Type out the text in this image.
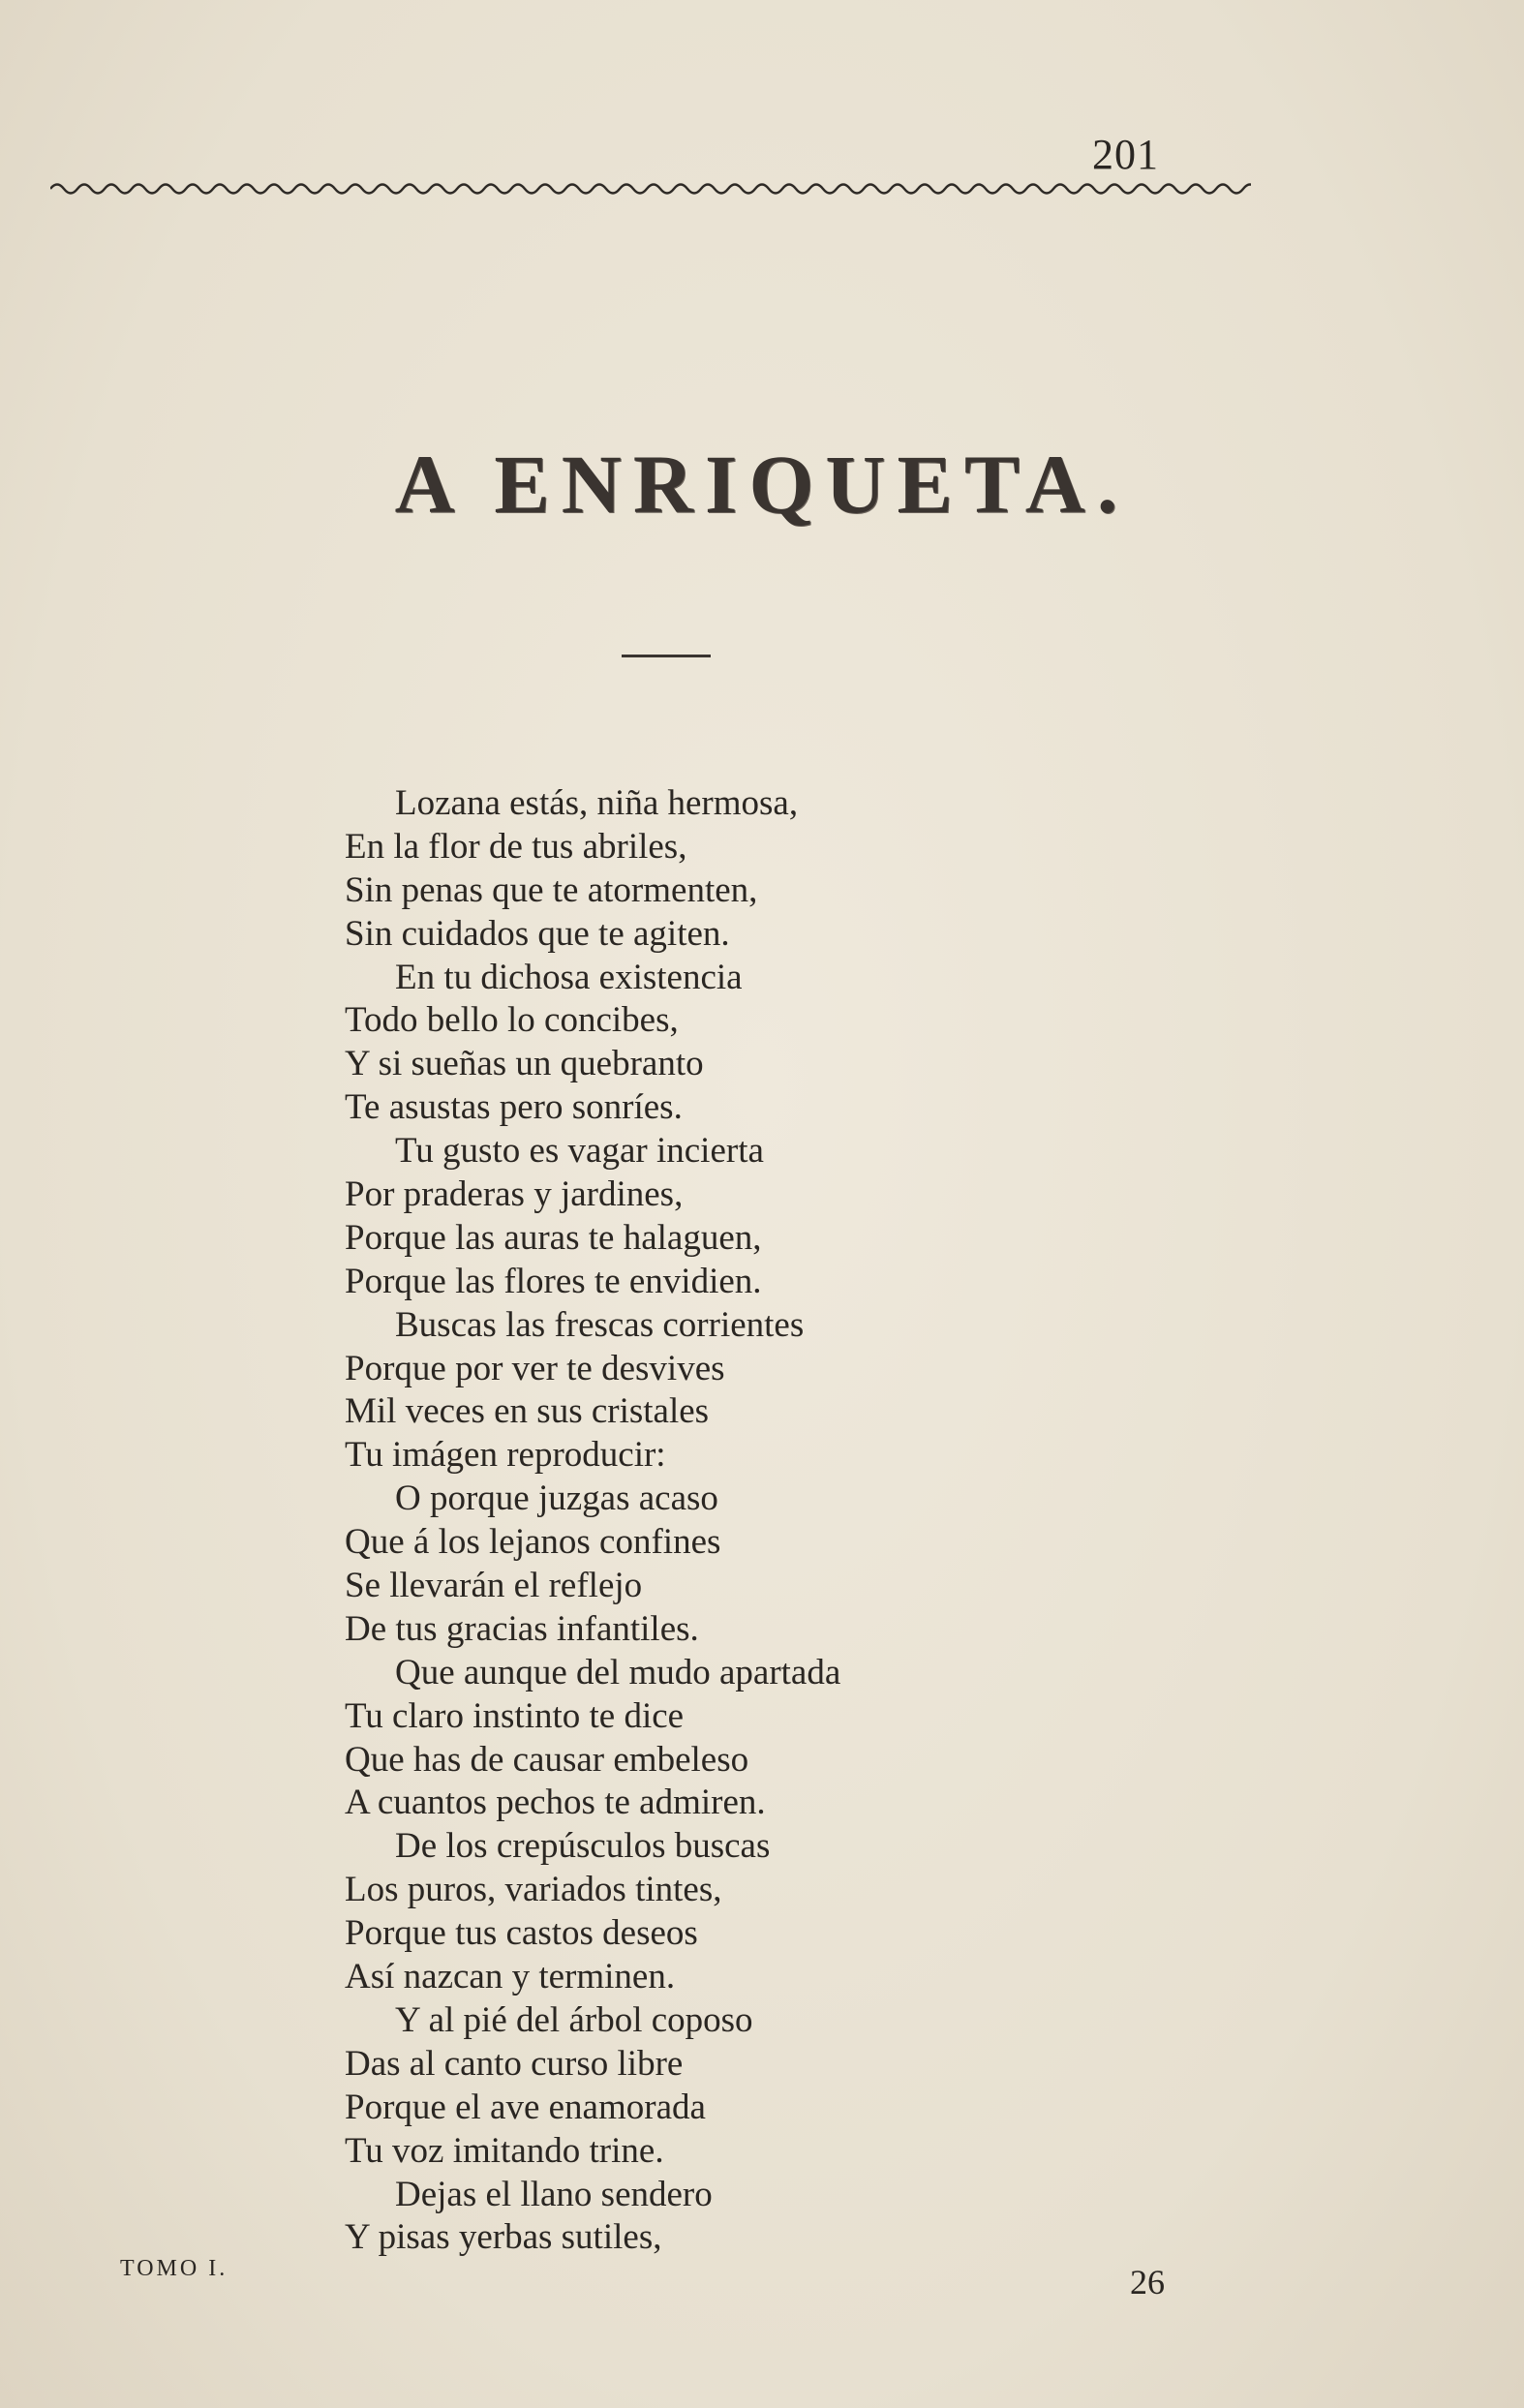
201
A ENRIQUETA.
Lozana estás, niña hermosa,
En la flor de tus abriles,
Sin penas que te atormenten,
Sin cuidados que te agiten.
En tu dichosa existencia
Todo bello lo concibes,
Y si sueñas un quebranto
Te asustas pero sonríes.
Tu gusto es vagar incierta
Por praderas y jardines,
Porque las auras te halaguen,
Porque las flores te envidien.
Buscas las frescas corrientes
Porque por ver te desvives
Mil veces en sus cristales
Tu imágen reproducir:
O porque juzgas acaso
Que á los lejanos confines
Se llevarán el reflejo
De tus gracias infantiles.
Que aunque del mudo apartada
Tu claro instinto te dice
Que has de causar embeleso
A cuantos pechos te admiren.
De los crepúsculos buscas
Los puros, variados tintes,
Porque tus castos deseos
Así nazcan y terminen.
Y al pié del árbol coposo
Das al canto curso libre
Porque el ave enamorada
Tu voz imitando trine.
Dejas el llano sendero
Y pisas yerbas sutiles,
TOMO I.	26
